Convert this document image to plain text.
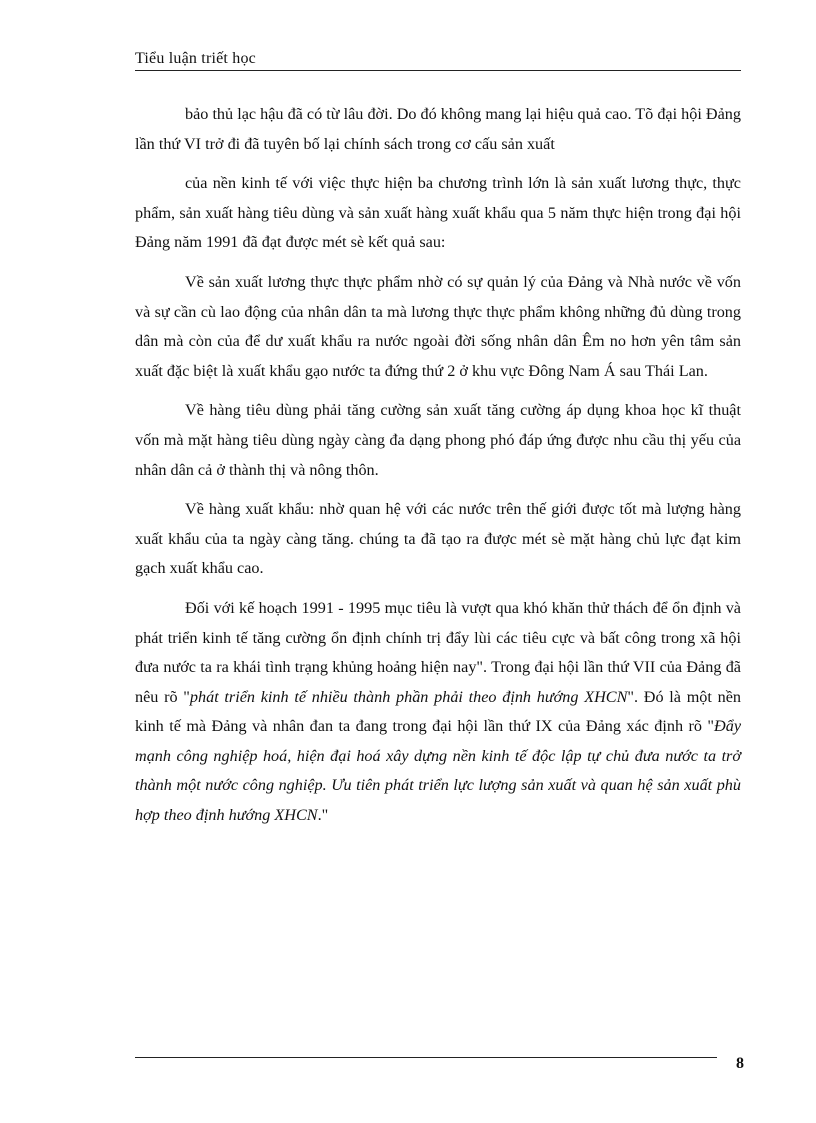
Tiểu luận triết học

bảo thủ lạc hậu đã có từ lâu đời. Do đó không mang lại hiệu quả cao. Tõ đại hội Đảng lần thứ VI trở đi đã tuyên bố lại chính sách trong cơ cấu sản xuất

của nền kinh tế với việc thực hiện ba chương trình lớn là sản xuất lương thực, thực phẩm, sản xuất hàng tiêu dùng và sản xuất hàng xuất khẩu qua 5 năm thực hiện trong đại hội Đảng năm 1991 đã đạt được mét sè kết quả sau:

Về sản xuất lương thực thực phẩm nhờ có sự quản lý của Đảng và Nhà nước về vốn và sự cần cù lao động của nhân dân ta mà lương thực thực phẩm không những đủ dùng trong dân mà còn của để dư xuất khẩu ra nước ngoài đời sống nhân dân Êm no hơn yên tâm sản xuất đặc biệt là xuất khẩu gạo nước ta đứng thứ 2 ở khu vực Đông Nam Á sau Thái Lan.

Về hàng tiêu dùng phải tăng cường sản xuất tăng cường áp dụng khoa học kĩ thuật vốn mà mặt hàng tiêu dùng ngày càng đa dạng phong phó đáp ứng được nhu cầu thị yếu của nhân dân cả ở thành thị và nông thôn.

Về hàng xuất khẩu: nhờ quan hệ với các nước trên thế giới được tốt mà lượng hàng xuất khẩu của ta ngày càng tăng. chúng ta đã tạo ra được mét sè mặt hàng chủ lực đạt kim gạch xuất khẩu cao.

Đối với kế hoạch 1991 - 1995 mục tiêu là vượt qua khó khăn thử thách để ổn định và phát triển kinh tế tăng cường ổn định chính trị đẩy lùi các tiêu cực và bất công trong xã hội đưa nước ta ra khái tình trạng khủng hoảng hiện nay". Trong đại hội lần thứ VII của Đảng đã nêu rõ "phát triển kinh tế nhiều thành phần phải theo định hướng XHCN". Đó là một nền kinh tế mà Đảng và nhân đan ta đang trong đại hội lần thứ IX của Đảng xác định rõ "Đẩy mạnh công nghiệp hoá, hiện đại hoá xây dựng nền kinh tế độc lập tự chủ đưa nước ta trở thành một nước công nghiệp. Ưu tiên phát triển lực lượng sản xuất và quan hệ sản xuất phù hợp theo định hướng XHCN."

8
